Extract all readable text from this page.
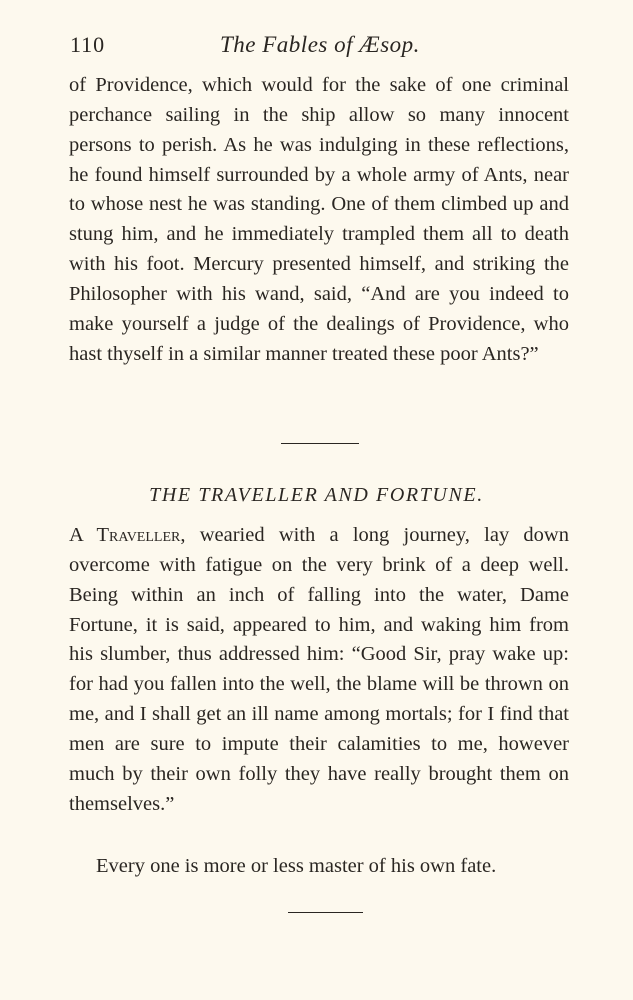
110	The Fables of Æsop.

of Providence, which would for the sake of one criminal perchance sailing in the ship allow so many innocent persons to perish. As he was indulging in these reflections, he found himself surrounded by a whole army of Ants, near to whose nest he was standing. One of them climbed up and stung him, and he immediately trampled them all to death with his foot. Mercury presented himself, and striking the Philosopher with his wand, said, “And are you indeed to make yourself a judge of the dealings of Providence, who hast thyself in a similar manner treated these poor Ants?”

THE TRAVELLER AND FORTUNE.

A Traveller, wearied with a long journey, lay down overcome with fatigue on the very brink of a deep well. Being within an inch of falling into the water, Dame Fortune, it is said, appeared to him, and waking him from his slumber, thus addressed him: “Good Sir, pray wake up: for had you fallen into the well, the blame will be thrown on me, and I shall get an ill name among mortals; for I find that men are sure to impute their calamities to me, however much by their own folly they have really brought them on themselves.”

Every one is more or less master of his own fate.
